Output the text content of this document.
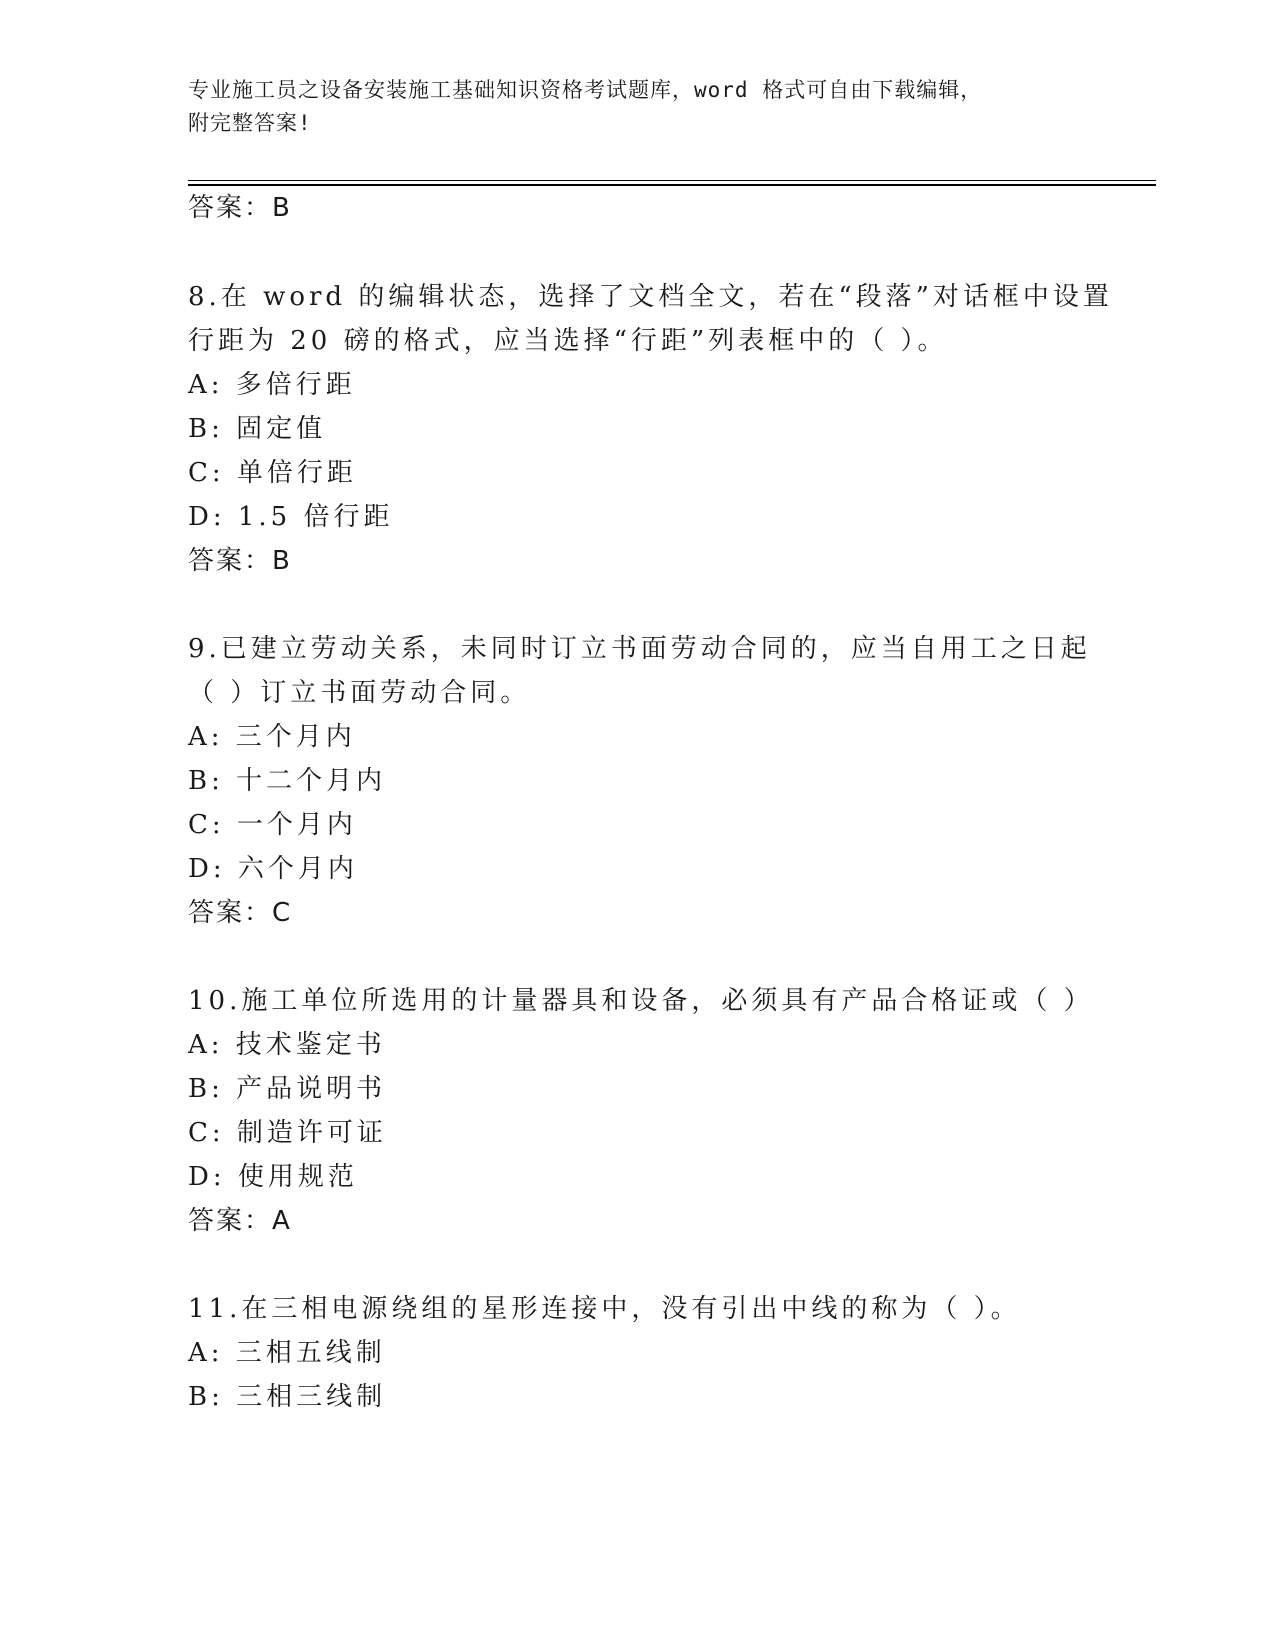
专业施工员之设备安装施工基础知识资格考试题库，word 格式可自由下载编辑，
附完整答案!
答案：B
8.在 word 的编辑状态，选择了文档全文，若在“段落”对话框中设置
行距为 20 磅的格式，应当选择“行距”列表框中的（ ）。
A: 多倍行距
B: 固定值
C: 单倍行距
D: 1.5 倍行距
答案：B
9.已建立劳动关系，未同时订立书面劳动合同的，应当自用工之日起
（ ）订立书面劳动合同。
A: 三个月内
B: 十二个月内
C: 一个月内
D: 六个月内
答案：C
10.施工单位所选用的计量器具和设备，必须具有产品合格证或（ ）
A: 技术鉴定书
B: 产品说明书
C: 制造许可证
D: 使用规范
答案：A
11.在三相电源绕组的星形连接中，没有引出中线的称为（ ）。
A: 三相五线制
B: 三相三线制
